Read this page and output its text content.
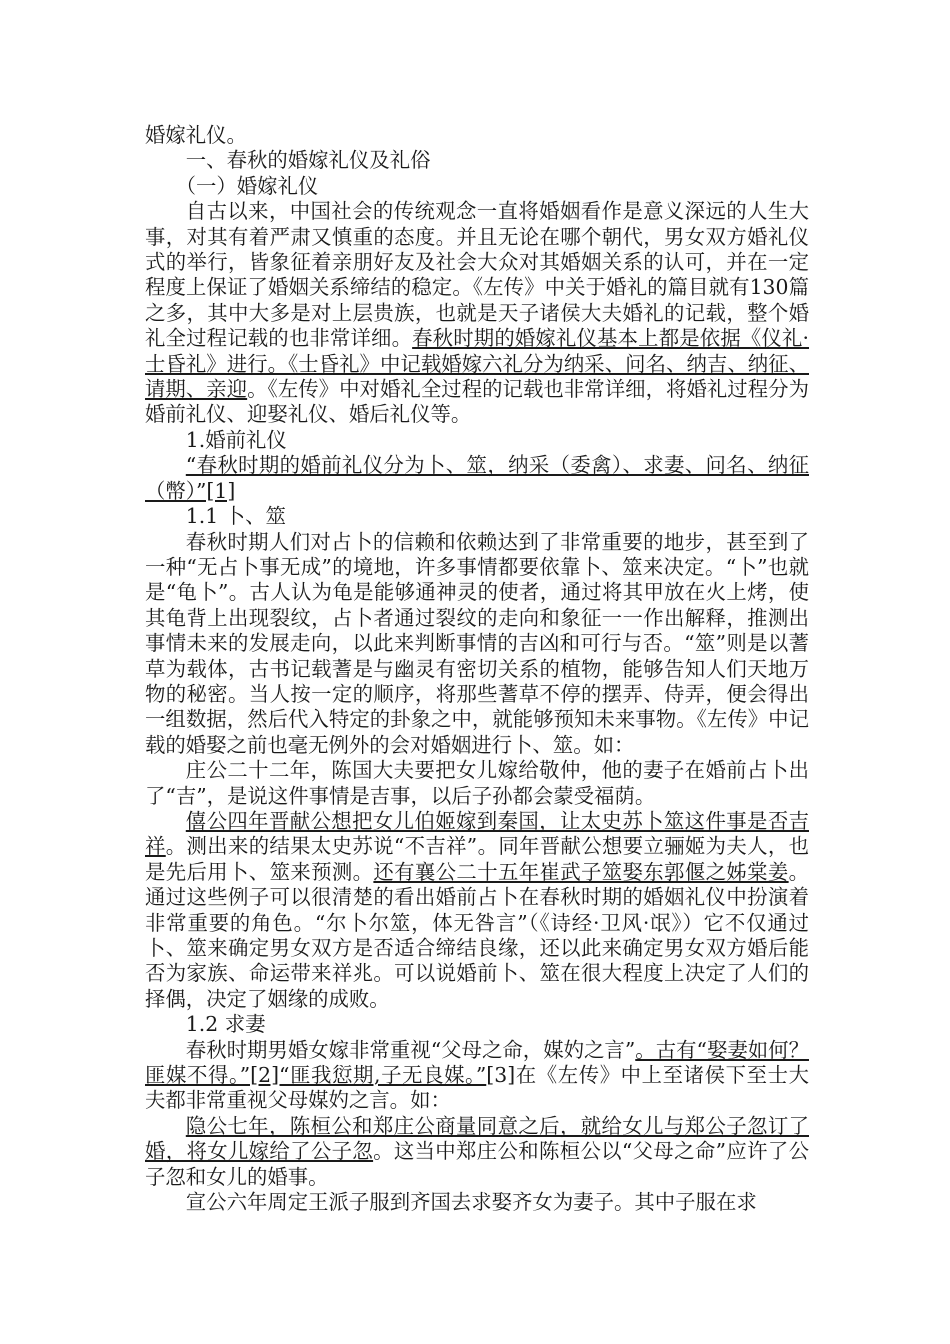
婚嫁礼仪。

一、春秋的婚嫁礼仪及礼俗

（一）婚嫁礼仪

自古以来，中国社会的传统观念一直将婚姻看作是意义深远的人生大事，对其有着严肃又慎重的态度。并且无论在哪个朝代，男女双方婚礼仪式的举行，皆象征着亲朋好友及社会大众对其婚姻关系的认可，并在一定程度上保证了婚姻关系缔结的稳定。《左传》中关于婚礼的篇目就有130篇之多，其中大多是对上层贵族，也就是天子诸侯大夫婚礼的记载，整个婚礼全过程记载的也非常详细。春秋时期的婚嫁礼仪基本上都是依据《仪礼·士昏礼》进行。《士昏礼》中记载婚嫁六礼分为纳采、问名、纳吉、纳征、请期、亲迎。《左传》中对婚礼全过程的记载也非常详细，将婚礼过程分为婚前礼仪、迎娶礼仪、婚后礼仪等。

1.婚前礼仪

“春秋时期的婚前礼仪分为卜、筮，纳采（委禽）、求妻、问名、纳征（幣）”[1]

1.1 卜、筮

春秋时期人们对占卜的信赖和依赖达到了非常重要的地步，甚至到了一种“无占卜事无成”的境地，许多事情都要依靠卜、筮来决定。“卜”也就是“龟卜”。古人认为龟是能够通神灵的使者，通过将其甲放在火上烤，使其龟背上出现裂纹，占卜者通过裂纹的走向和象征一一作出解释，推测出事情未来的发展走向，以此来判断事情的吉凶和可行与否。“筮”则是以蓍草为载体，古书记载蓍是与幽灵有密切关系的植物，能够告知人们天地万物的秘密。当人按一定的顺序，将那些蓍草不停的摆弄、侍弄，便会得出一组数据，然后代入特定的卦象之中，就能够预知未来事物。《左传》中记载的婚娶之前也毫无例外的会对婚姻进行卜、筮。如：

庄公二十二年，陈国大夫要把女儿嫁给敬仲，他的妻子在婚前占卜出了“吉”，是说这件事情是吉事，以后子孙都会蒙受福荫。

僖公四年晋献公想把女儿伯姬嫁到秦国，让太史苏卜筮这件事是否吉祥。测出来的结果太史苏说“不吉祥”。同年晋献公想要立骊姬为夫人，也是先后用卜、筮来预测。还有襄公二十五年崔武子筮娶东郭偃之姊棠姜。通过这些例子可以很清楚的看出婚前占卜在春秋时期的婚姻礼仪中扮演着非常重要的角色。“尔卜尔筮，体无咎言”（《诗经·卫风·氓》）它不仅通过卜、筮来确定男女双方是否适合缔结良缘，还以此来确定男女双方婚后能否为家族、命运带来祥兆。可以说婚前卜、筮在很大程度上决定了人们的择偶，决定了姻缘的成败。

1.2 求妻

春秋时期男婚女嫁非常重视“父母之命，媒妁之言”。古有“娶妻如何？匪媒不得。”[2]“匪我愆期,子无良媒。”[3]在《左传》中上至诸侯下至士大夫都非常重视父母媒妁之言。如：

隐公七年，陈桓公和郑庄公商量同意之后，就给女儿与郑公子忽订了婚，将女儿嫁给了公子忽。这当中郑庄公和陈桓公以“父母之命”应许了公子忽和女儿的婚事。

宣公六年周定王派子服到齐国去求娶齐女为妻子。其中子服在求
